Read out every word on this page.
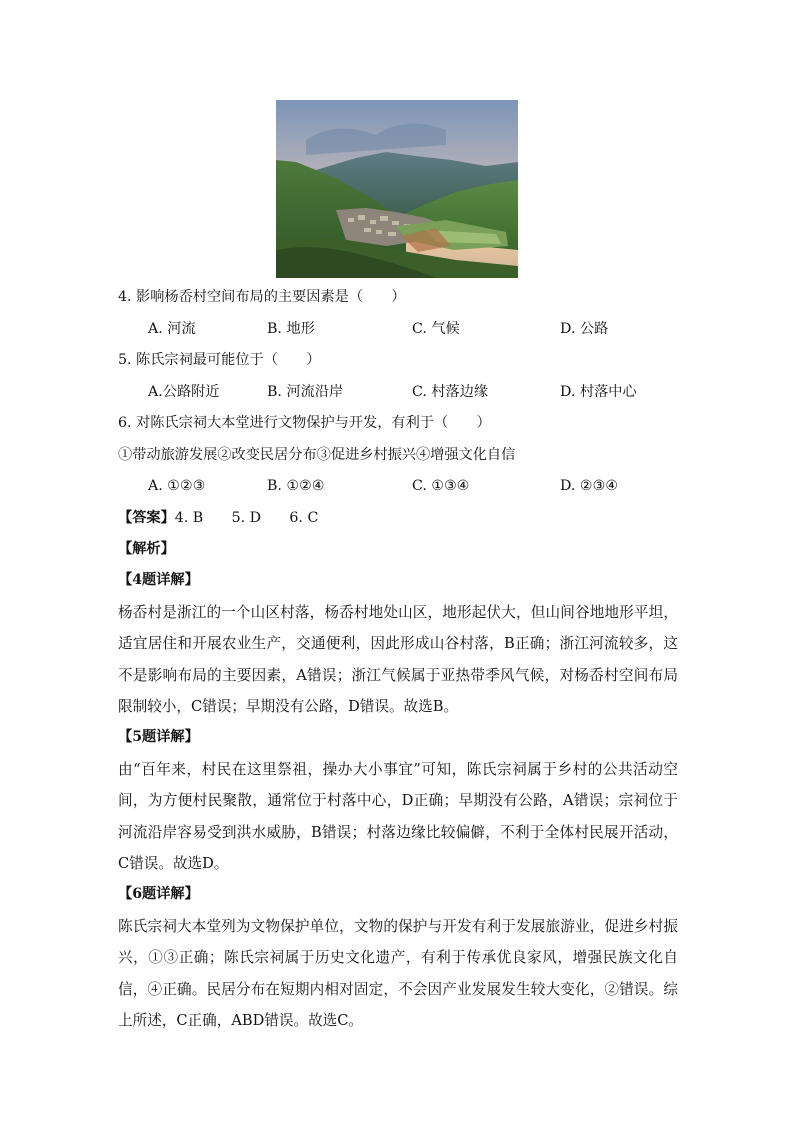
4. 影响杨岙村空间布局的主要因素是（　　）
A. 河流	B. 地形	C. 气候	D. 公路
5. 陈氏宗祠最可能位于（　　）
A.公路附近	B. 河流沿岸	C. 村落边缘	D. 村落中心
6. 对陈氏宗祠大本堂进行文物保护与开发，有利于（　　）
①带动旅游发展②改变民居分布③促进乡村振兴④增强文化自信
A. ①②③	B. ①②④	C. ①③④	D. ②③④
【答案】4. B　　5. D　　6. C
【解析】
【4题详解】
杨岙村是浙江的一个山区村落，杨岙村地处山区，地形起伏大，但山间谷地地形平坦，适宜居住和开展农业生产，交通便利，因此形成山谷村落，B正确；浙江河流较多，这不是影响布局的主要因素，A错误；浙江气候属于亚热带季风气候，对杨岙村空间布局限制较小，C错误；早期没有公路，D错误。故选B。
【5题详解】
由“百年来，村民在这里祭祖，操办大小事宜”可知，陈氏宗祠属于乡村的公共活动空间，为方便村民聚散，通常位于村落中心，D正确；早期没有公路，A错误；宗祠位于河流沿岸容易受到洪水威胁，B错误；村落边缘比较偏僻，不利于全体村民展开活动，C错误。故选D。
【6题详解】
陈氏宗祠大本堂列为文物保护单位，文物的保护与开发有利于发展旅游业，促进乡村振兴，①③正确；陈氏宗祠属于历史文化遗产，有利于传承优良家风，增强民族文化自信，④正确。民居分布在短期内相对固定，不会因产业发展发生较大变化，②错误。综上所述，C正确，ABD错误。故选C。
